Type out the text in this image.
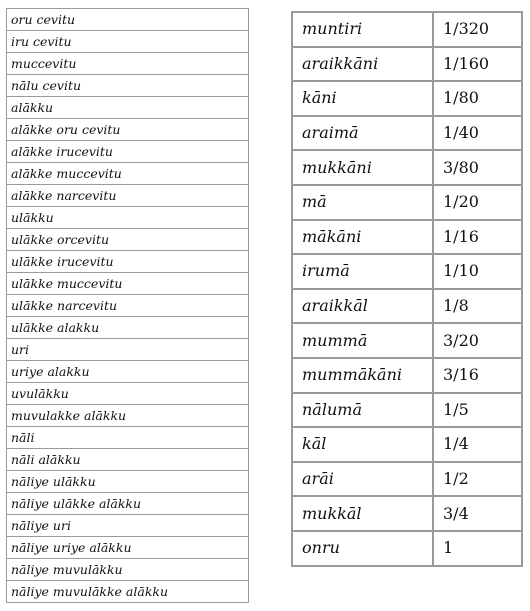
oru cevitu
iru cevitu
muccevitu
nālu cevitu
alākku
alākke oru cevitu
alākke irucevitu
alākke muccevitu
alākke narcevitu
ulākku
ulākke orcevitu
ulākke irucevitu
ulākke muccevitu
ulākke narcevitu
ulākke alakku
uri
uriye alakku
uvulākku
muvulakke alākku
nāli
nāli alākku
nāliye ulākku
nāliye ulākke alākku
nāliye uri
nāliye uriye alākku
nāliye muvulākku
nāliye muvulākke alākku
muntiri	1/320
araikkāni	1/160
kāni	1/80
araimā	1/40
mukkāni	3/80
mā	1/20
mākāni	1/16
irumā	1/10
araikkāl	1/8
mummā	3/20
mummākāni	3/16
nālumā	1/5
kāl	1/4
arāi	1/2
mukkāl	3/4
onru	1
